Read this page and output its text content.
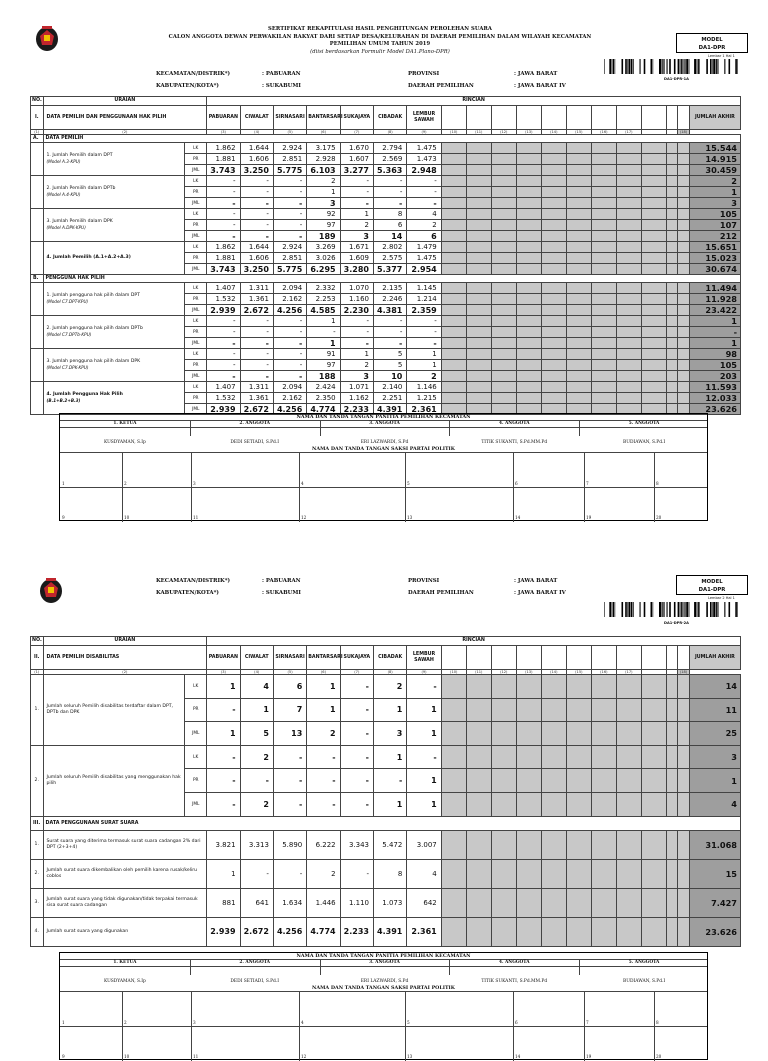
SERTIFIKAT REKAPITULASI HASIL PENGHITUNGAN PEROLEHAN SUARA
CALON ANGGOTA DEWAN PERWAKILAN RAKYAT DARI SETIAP DESA/KELURAHAN DI DAERAH PEMILIHAN DALAM WILAYAH KECAMATAN
PEMILIHAN UMUM TAHUN 2019
(diisi berdasarkan Formulir Model DA1.Plano-DPR)
MODEL
DA1-DPR
Lembar 1 Hal 1
DA1-DPR-1A
KECAMATAN/DISTRIK*)	: PABUARAN
KABUPATEN/KOTA*)	: SUKABUMI
PROVINSI	: JAWA BARAT
DAERAH PEMILIHAN	: JAWA BARAT IV
NO.	URAIAN		RINCIAN																		
I.	DATA PEMILIH DAN PENGGUNAAN HAK PILIH		PABUARAN	CIWALAT	SIRNASARI	BANTARSARI	SUKAJAYA	CIBADAK	LEMBUR SAWAH												JUMLAH AKHIR
(1)	(2)		(3)	(4)	(5)	(6)	(7)	(8)	(9)	(10)	(11)	(12)	(13)	(14)	(15)	(16)	(17)			(18)	
A.	DATA PEMILIH																				
	1. Jumlah Pemilih dalam DPT
(Model A.3-KPU)	LK	1.862	1.644	2.924	3.175	1.670	2.794	1.475												15.544
		PR	1.881	1.606	2.851	2.928	1.607	2.569	1.473												14.915
		JML	3.743	3.250	5.775	6.103	3.277	5.363	2.948												30.459
	2. Jumlah Pemilih dalam DPTb
(Model A.4-KPU)	LK	-	-	-	2	-	-	-												2
		PR	-	-	-	1	-	-	-												1
		JML	-	-	-	3	-	-	-												3
	3. Jumlah Pemilih dalam DPK
(Model A.DPK-KPU)	LK	-	-	-	92	1	8	4												105
		PR	-	-	-	97	2	6	2												107
		JML	-	-	-	189	3	14	6												212
	4. Jumlah Pemilih (A.1+A.2+A.3)	LK	1.862	1.644	2.924	3.269	1.671	2.802	1.479												15.651
		PR	1.881	1.606	2.851	3.026	1.609	2.575	1.475												15.023
		JML	3.743	3.250	5.775	6.295	3.280	5.377	2.954												30.674
B.	PENGGUNA HAK PILIH																				
	1. Jumlah pengguna hak pilih dalam DPT
(Model C7.DPT-KPU)	LK	1.407	1.311	2.094	2.332	1.070	2.135	1.145												11.494
		PR	1.532	1.361	2.162	2.253	1.160	2.246	1.214												11.928
		JML	2.939	2.672	4.256	4.585	2.230	4.381	2.359												23.422
	2. Jumlah pengguna hak pilih dalam DPTb
(Model C7.DPTb-KPU)	LK	-	-	-	1	-	-	-												1
		PR	-	-	-	-	-	-	-												-
		JML	-	-	-	1	-	-	-												1
	3. Jumlah pengguna hak pilih dalam DPK
(Model C7.DPK-KPU)	LK	-	-	-	91	1	5	1												98
		PR	-	-	-	97	2	5	1												105
		JML	-	-	-	188	3	10	2												203
	4. Jumlah Pengguna Hak Pilih
(B.1+B.2+B.3)	LK	1.407	1.311	2.094	2.424	1.071	2.140	1.146												11.593
		PR	1.532	1.361	2.162	2.350	1.162	2.251	1.215												12.033
		JML	2.939	2.672	4.256	4.774	2.233	4.391	2.361												23.626
NAMA DAN TANDA TANGAN PANITIA PEMILIHAN KECAMATAN
1. KETUA
KUSDYAMAN, S.Ip
2. ANGGOTA
DEDI SETIADI, S.Pd.I
3. ANGGOTA
ERI LAZWARDI, S.Pd
4. ANGGOTA
TITIK SUKANTI, S.Pd.MM.Pd
5. ANGGOTA
BUDIAWAN, S.Pd.I
NAMA DAN TANDA TANGAN SAKSI PARTAI POLITIK
1
9
2
10
3
11
4
12
5
13
6
14
7
19
8
20
KECAMATAN/DISTRIK*)	: PABUARAN
KABUPATEN/KOTA*)	: SUKABUMI
PROVINSI	: JAWA BARAT
DAERAH PEMILIHAN	: JAWA BARAT IV
MODEL
DA1-DPR
Lembar 2 Hal 1
DA1-DPR-2A
NO.	URAIAN		RINCIAN																		
II.	DATA PEMILIH DISABILITAS		PABUARAN	CIWALAT	SIRNASARI	BANTARSARI	SUKAJAYA	CIBADAK	LEMBUR SAWAH												JUMLAH AKHIR
(1)	(2)		(3)	(4)	(5)	(6)	(7)	(8)	(9)	(10)	(11)	(12)	(13)	(14)	(15)	(16)	(17)			(18)	
1.	Jumlah seluruh Pemilih disabilitas terdaftar dalam DPT, DPTb dan DPK	LK	1	4	6	1	-	2	-												14
		PR	-	1	7	1	-	1	1												11
		JML	1	5	13	2	-	3	1												25
2.	Jumlah seluruh Pemilih disabilitas yang menggunakan hak pilih	LK	-	2	-	-	-	1	-												3
		PR	-	-	-	-	-	-	1												1
		JML	-	2	-	-	-	1	1												4
III.	DATA PENGGUNAAN SURAT SUARA																				
1.	Surat suara yang diterima termasuk surat suara cadangan 2% dari DPT (2+3+4)		3.821	3.313	5.890	6.222	3.343	5.472	3.007												31.068
2.	Jumlah surat suara dikembalikan oleh pemilih karena rusak/keliru coblos		1	-	-	2	-	8	4												15
3.	Jumlah surat suara yang tidak digunakan/tidak terpakai termasuk sisa surat suara cadangan		881	641	1.634	1.446	1.110	1.073	642												7.427
4.	Jumlah surat suara yang digunakan		2.939	2.672	4.256	4.774	2.233	4.391	2.361												23.626
NAMA DAN TANDA TANGAN PANITIA PEMILIHAN KECAMATAN
1. KETUA
KUSDYAMAN, S.Ip
2. ANGGOTA
DEDI SETIADI, S.Pd.I
3. ANGGOTA
ERI LAZWARDI, S.Pd
4. ANGGOTA
TITIK SUKANTI, S.Pd.MM.Pd
5. ANGGOTA
BUDIAWAN, S.Pd.I
NAMA DAN TANDA TANGAN SAKSI PARTAI POLITIK
1
9
2
10
3
11
4
12
5
13
6
14
7
19
8
20
